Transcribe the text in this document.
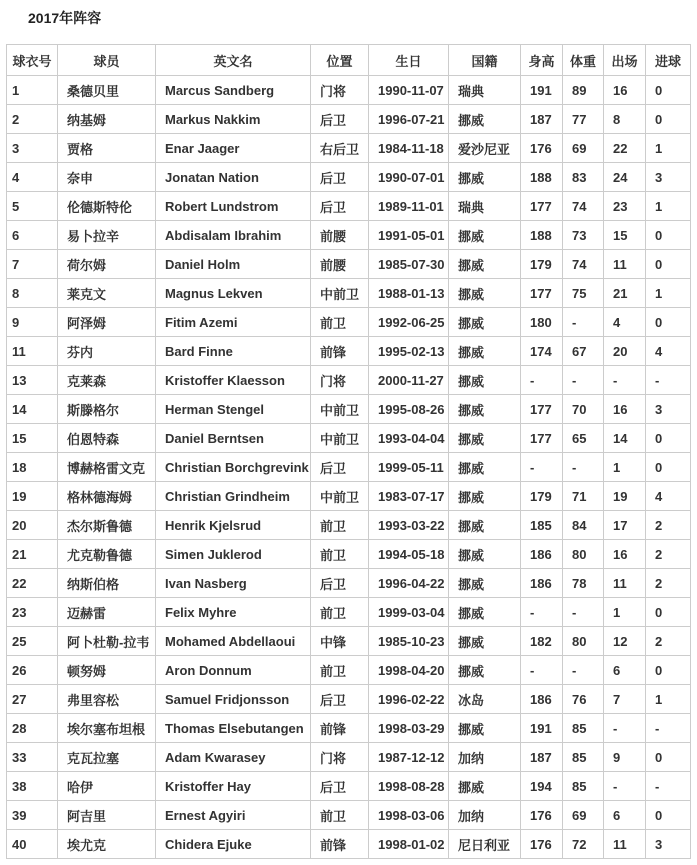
2017年阵容
球衣号	球员	英文名	位置	生日	国籍	身高	体重	出场	进球
1	桑德贝里	Marcus Sandberg	门将	1990-11-07	瑞典	191	89	16	0
2	纳基姆	Markus Nakkim	后卫	1996-07-21	挪威	187	77	8	0
3	贾格	Enar Jaager	右后卫	1984-11-18	爱沙尼亚	176	69	22	1
4	奈申	Jonatan Nation	后卫	1990-07-01	挪威	188	83	24	3
5	伦德斯特伦	Robert Lundstrom	后卫	1989-11-01	瑞典	177	74	23	1
6	易卜拉辛	Abdisalam Ibrahim	前腰	1991-05-01	挪威	188	73	15	0
7	荷尔姆	Daniel Holm	前腰	1985-07-30	挪威	179	74	11	0
8	莱克文	Magnus Lekven	中前卫	1988-01-13	挪威	177	75	21	1
9	阿泽姆	Fitim Azemi	前卫	1992-06-25	挪威	180	-	4	0
11	芬内	Bard Finne	前锋	1995-02-13	挪威	174	67	20	4
13	克莱森	Kristoffer Klaesson	门将	2000-11-27	挪威	-	-	-	-
14	斯滕格尔	Herman Stengel	中前卫	1995-08-26	挪威	177	70	16	3
15	伯恩特森	Daniel Berntsen	中前卫	1993-04-04	挪威	177	65	14	0
18	博赫格雷文克	Christian Borchgrevink	后卫	1999-05-11	挪威	-	-	1	0
19	格林德海姆	Christian Grindheim	中前卫	1983-07-17	挪威	179	71	19	4
20	杰尔斯鲁德	Henrik Kjelsrud	前卫	1993-03-22	挪威	185	84	17	2
21	尤克勒鲁德	Simen Juklerod	前卫	1994-05-18	挪威	186	80	16	2
22	纳斯伯格	Ivan Nasberg	后卫	1996-04-22	挪威	186	78	11	2
23	迈赫雷	Felix Myhre	前卫	1999-03-04	挪威	-	-	1	0
25	阿卜杜勒-拉韦	Mohamed Abdellaoui	中锋	1985-10-23	挪威	182	80	12	2
26	顿努姆	Aron Donnum	前卫	1998-04-20	挪威	-	-	6	0
27	弗里容松	Samuel Fridjonsson	后卫	1996-02-22	冰岛	186	76	7	1
28	埃尔塞布坦根	Thomas Elsebutangen	前锋	1998-03-29	挪威	191	85	-	-
33	克瓦拉塞	Adam Kwarasey	门将	1987-12-12	加纳	187	85	9	0
38	哈伊	Kristoffer Hay	后卫	1998-08-28	挪威	194	85	-	-
39	阿吉里	Ernest Agyiri	前卫	1998-03-06	加纳	176	69	6	0
40	埃尤克	Chidera Ejuke	前锋	1998-01-02	尼日利亚	176	72	11	3
